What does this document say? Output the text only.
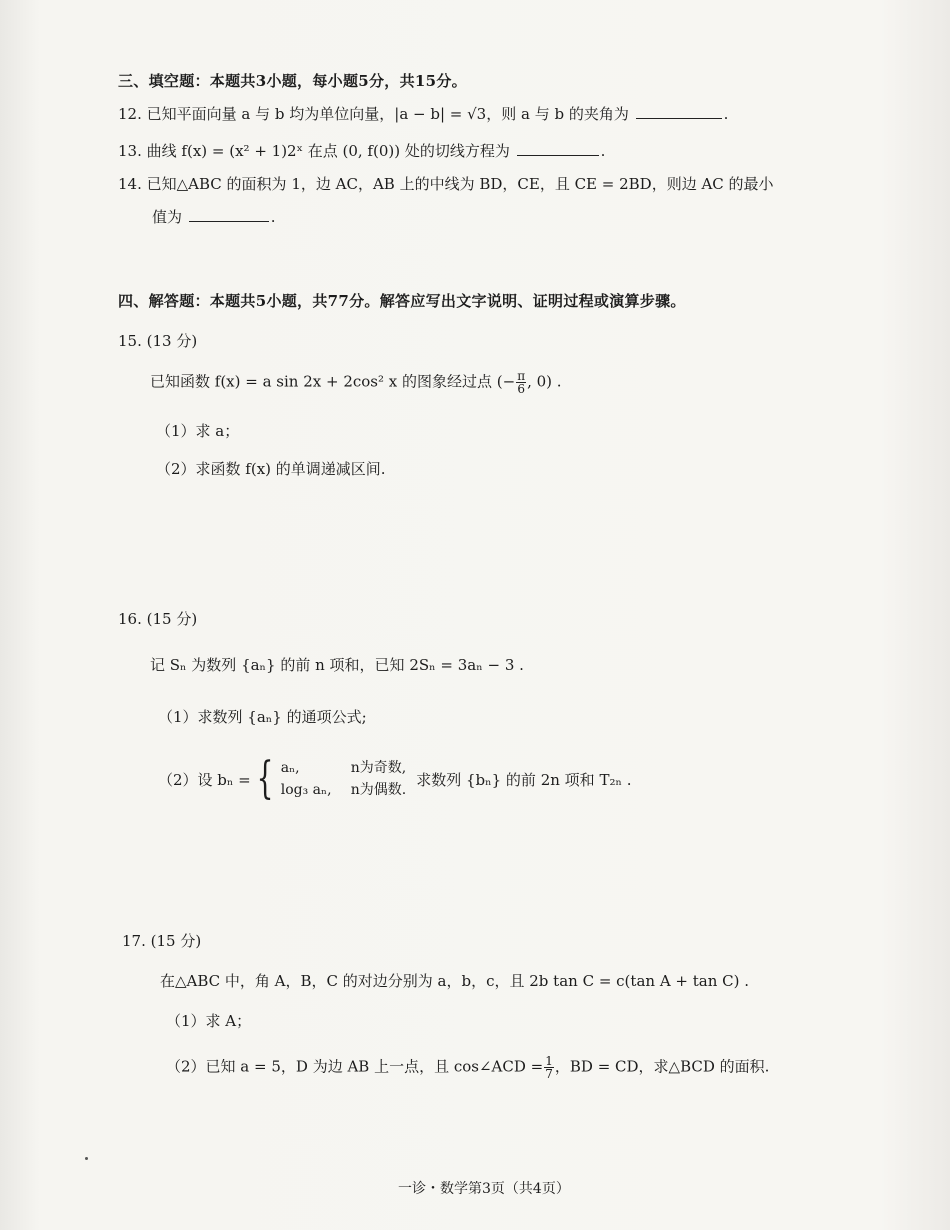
三、填空题：本题共3小题，每小题5分，共15分。
12. 已知平面向量 a 与 b 均为单位向量，|a − b| = √3，则 a 与 b 的夹角为	.
13. 曲线 f(x) = (x² + 1)2ˣ 在点 (0, f(0)) 处的切线方程为	.
14. 已知△ABC 的面积为 1，边 AC，AB 上的中线为 BD，CE，且 CE = 2BD，则边 AC 的最小
值为	.
四、解答题：本题共5小题，共77分。解答应写出文字说明、证明过程或演算步骤。
15. (13 分)
已知函数 f(x) = a sin 2x + 2cos² x 的图象经过点 (− $\frac{\pi}{6}$ , 0) .
（1）求 a；
（2）求函数 f(x) 的单调递减区间.
16. (15 分)
记 Sₙ 为数列 {aₙ} 的前 n 项和，已知 2Sₙ = 3aₙ − 3 .
（1）求数列 {aₙ} 的通项公式;
（2）设 bₙ = { aₙ,	n为奇数,
log₃ aₙ,	n为偶数.
求数列 {bₙ} 的前 2n 项和 T₂ₙ .
17. (15 分)
在△ABC 中，角 A，B，C 的对边分别为 a，b，c，且 2b tan C = c(tan A + tan C) .
（1）求 A；
（2）已知 a = 5，D 为边 AB 上一点，且 cos∠ACD = $\frac{1}{7}$ ，BD = CD，求△BCD 的面积.
一诊・数学第3页（共4页）
